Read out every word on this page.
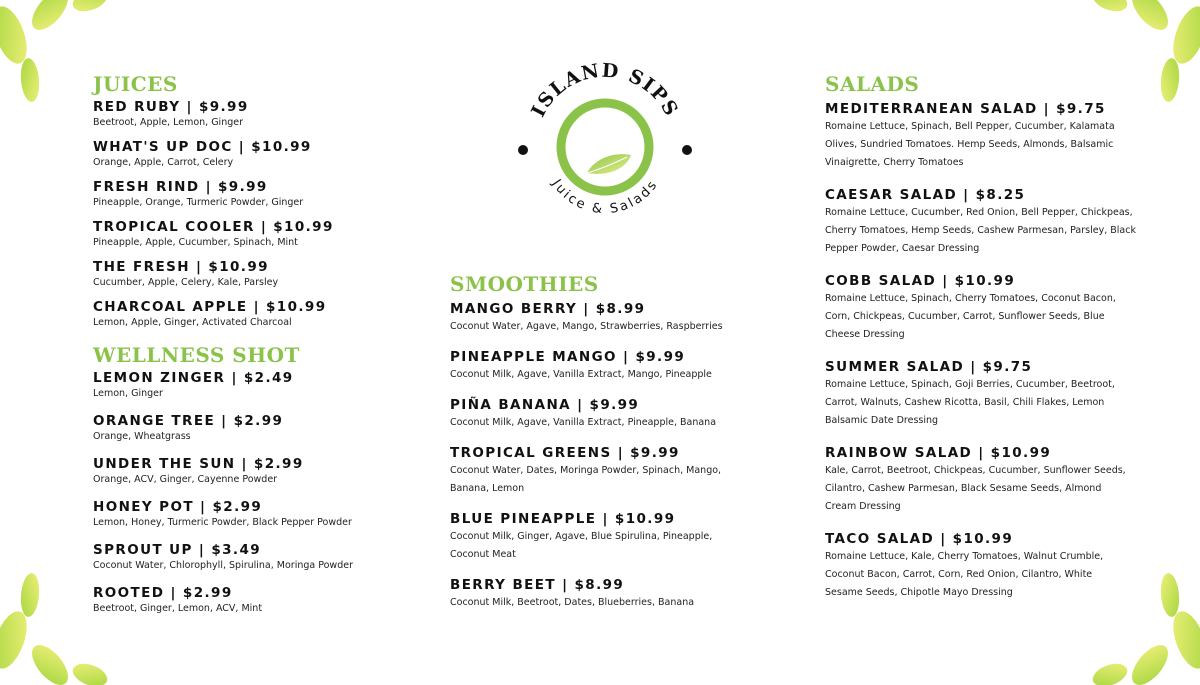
ISLAND SIPS
Juice & Salads
JUICES
RED RUBY | $9.99
Beetroot, Apple, Lemon, Ginger
WHAT'S UP DOC | $10.99
Orange, Apple, Carrot, Celery
FRESH RIND | $9.99
Pineapple, Orange, Turmeric Powder, Ginger
TROPICAL COOLER | $10.99
Pineapple, Apple, Cucumber, Spinach, Mint
THE FRESH | $10.99
Cucumber, Apple, Celery, Kale, Parsley
CHARCOAL APPLE | $10.99
Lemon, Apple, Ginger, Activated Charcoal
WELLNESS SHOT
LEMON ZINGER | $2.49
Lemon, Ginger
ORANGE TREE | $2.99
Orange, Wheatgrass
UNDER THE SUN | $2.99
Orange, ACV, Ginger, Cayenne Powder
HONEY POT | $2.99
Lemon, Honey, Turmeric Powder, Black Pepper Powder
SPROUT UP | $3.49
Coconut Water, Chlorophyll, Spirulina, Moringa Powder
ROOTED | $2.99
Beetroot, Ginger, Lemon, ACV, Mint
SMOOTHIES
MANGO BERRY | $8.99
Coconut Water, Agave, Mango, Strawberries, Raspberries
PINEAPPLE MANGO | $9.99
Coconut Milk, Agave, Vanilla Extract, Mango, Pineapple
PIÑA BANANA | $9.99
Coconut Milk, Agave, Vanilla Extract, Pineapple, Banana
TROPICAL GREENS | $9.99
Coconut Water, Dates, Moringa Powder, Spinach, Mango, Banana, Lemon
BLUE PINEAPPLE | $10.99
Coconut Milk, Ginger, Agave, Blue Spirulina, Pineapple, Coconut Meat
BERRY BEET | $8.99
Coconut Milk, Beetroot, Dates, Blueberries, Banana
SALADS
MEDITERRANEAN SALAD | $9.75
Romaine Lettuce, Spinach, Bell Pepper, Cucumber, Kalamata Olives, Sundried Tomatoes. Hemp Seeds, Almonds, Balsamic Vinaigrette, Cherry Tomatoes
CAESAR SALAD | $8.25
Romaine Lettuce, Cucumber, Red Onion, Bell Pepper, Chickpeas, Cherry Tomatoes, Hemp Seeds, Cashew Parmesan, Parsley, Black Pepper Powder, Caesar Dressing
COBB SALAD | $10.99
Romaine Lettuce, Spinach, Cherry Tomatoes, Coconut Bacon, Corn, Chickpeas, Cucumber, Carrot, Sunflower Seeds, Blue Cheese Dressing
SUMMER SALAD | $9.75
Romaine Lettuce, Spinach, Goji Berries, Cucumber, Beetroot, Carrot, Walnuts, Cashew Ricotta, Basil, Chili Flakes, Lemon Balsamic Date Dressing
RAINBOW SALAD | $10.99
Kale, Carrot, Beetroot, Chickpeas, Cucumber, Sunflower Seeds, Cilantro, Cashew Parmesan, Black Sesame Seeds, Almond Cream Dressing
TACO SALAD | $10.99
Romaine Lettuce, Kale, Cherry Tomatoes, Walnut Crumble, Coconut Bacon, Carrot, Corn, Red Onion, Cilantro, White Sesame Seeds, Chipotle Mayo Dressing
